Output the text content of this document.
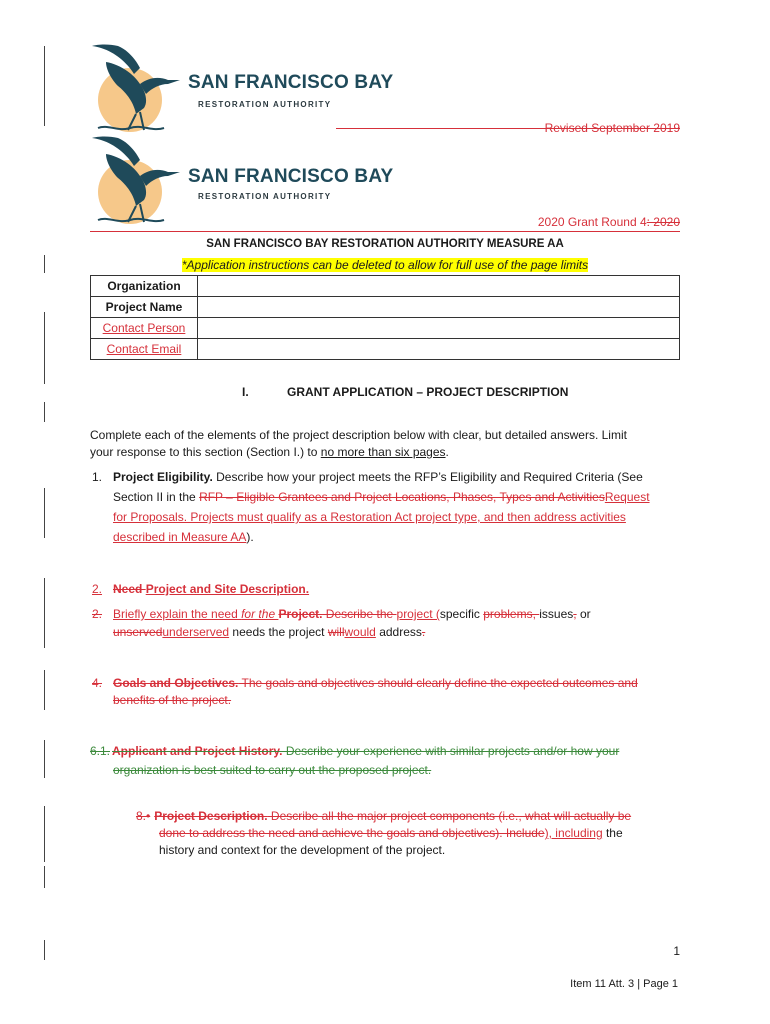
SAN FRANCISCO BAY
RESTORATION AUTHORITY
Revised September 2019
SAN FRANCISCO BAY
RESTORATION AUTHORITY
2020 Grant Round 4: 2020
SAN FRANCISCO BAY RESTORATION AUTHORITY MEASURE AA
*Application instructions can be deleted to allow for full use of the page limits
Organization	
Project Name	
Contact Person	
Contact Email	
I.	GRANT APPLICATION – PROJECT DESCRIPTION
Complete each of the elements of the project description below with clear, but detailed answers. Limit
your response to this section (Section I.) to no more than six pages.
1. Project Eligibility. Describe how your project meets the RFP’s Eligibility and Required Criteria (See
Section II in the RFP – Eligible Grantees and Project Locations, Phases, Types and ActivitiesRequest
for Proposals. Projects must qualify as a Restoration Act project type, and then address activities
described in Measure AA).
2. Need Project and Site Description.
2. Briefly explain the need for the Project. Describe the project (specific problems, issues, or
unservedunderserved needs the project willwould address.
4. Goals and Objectives. The goals and objectives should clearly define the expected outcomes and
benefits of the project.
6.1. Applicant and Project History. Describe your experience with similar projects and/or how your
organization is best suited to carry out the proposed project.
8.• Project Description. Describe all the major project components (i.e., what will actually be
done to address the need and achieve the goals and objectives). Include), including the
history and context for the development of the project.
1
Item 11 Att. 3 | Page 1
